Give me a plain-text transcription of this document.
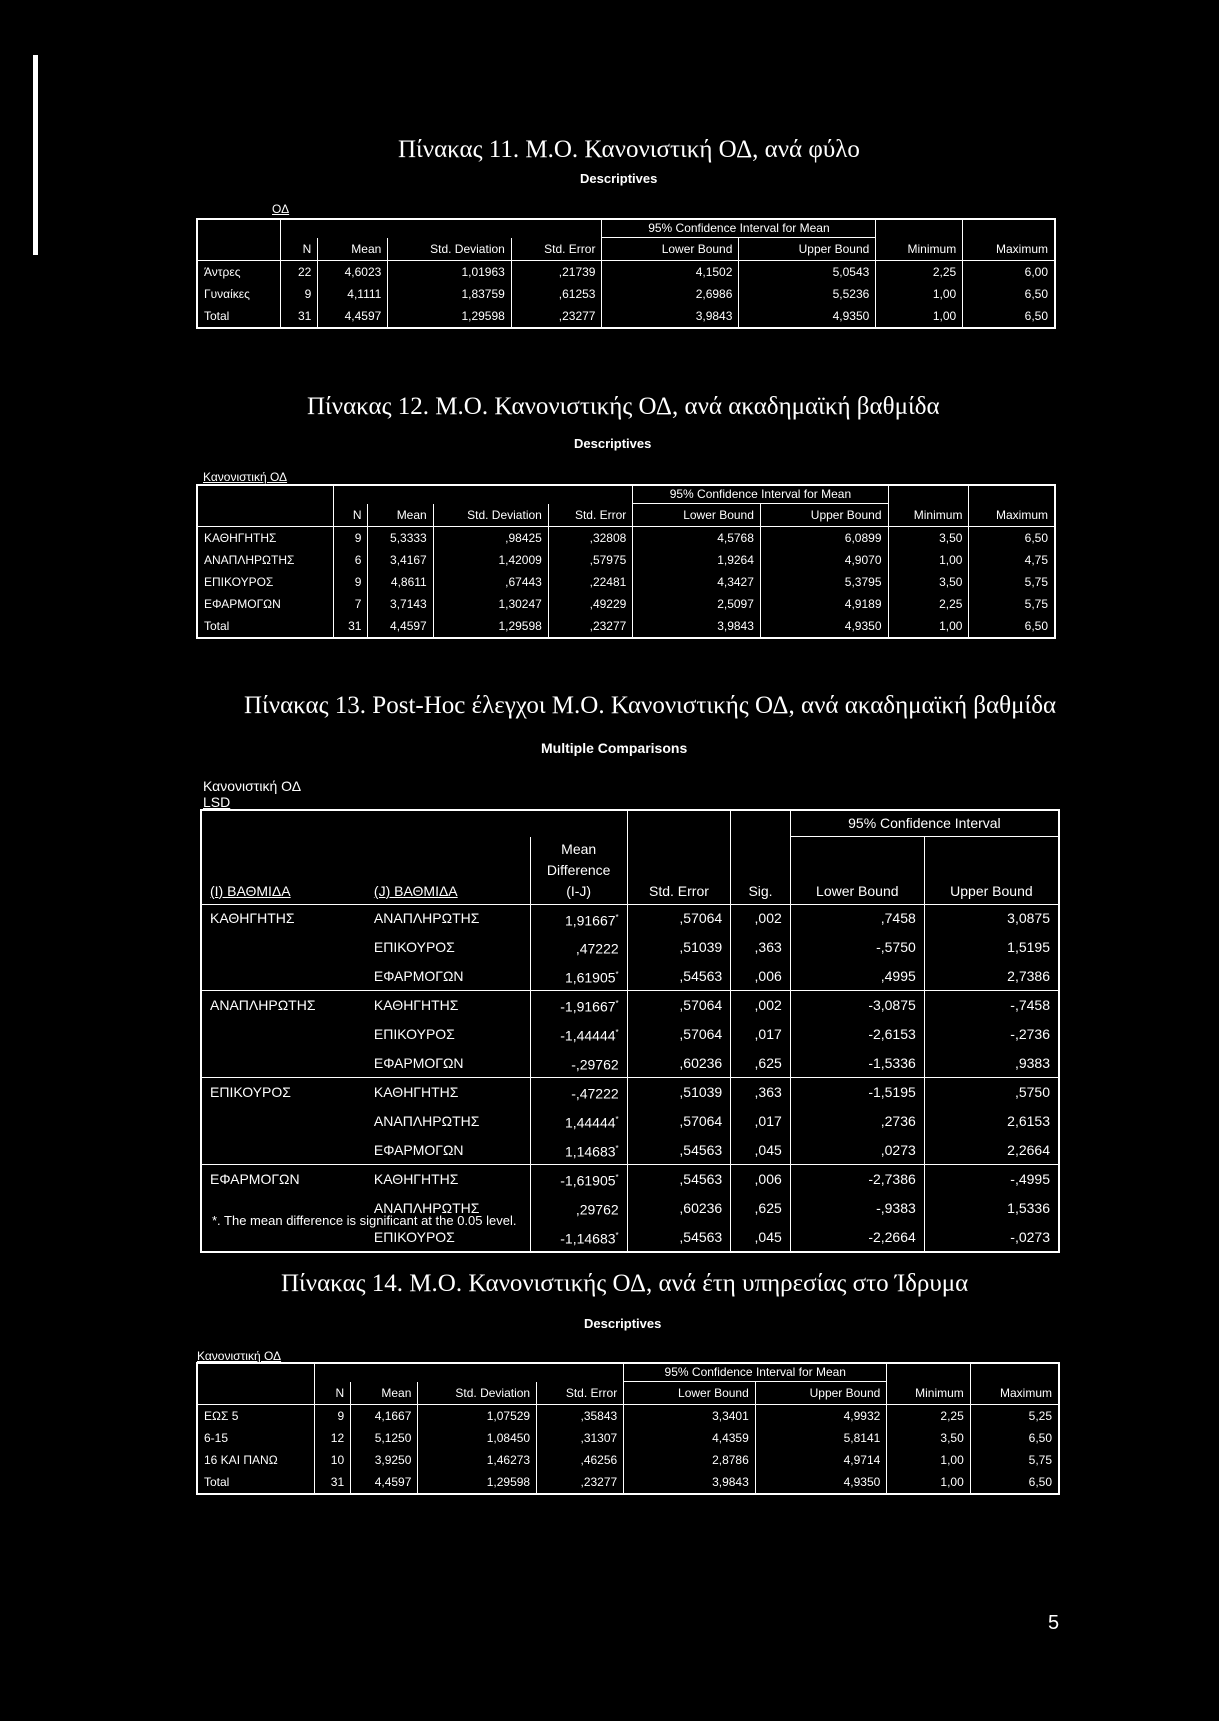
Πίνακας 11. Μ.Ο. Κανονιστική ΟΔ, ανά φύλο
Descriptives
ΟΔ
					95% Confidence Interval for Mean			
	N	Mean	Std. Deviation	Std. Error	Lower Bound	Upper Bound	Minimum	Maximum
Άντρες	22	4,6023	1,01963	,21739	4,1502	5,0543	2,25	6,00
Γυναίκες	9	4,1111	1,83759	,61253	2,6986	5,5236	1,00	6,50
Total	31	4,4597	1,29598	,23277	3,9843	4,9350	1,00	6,50
Πίνακας 12. Μ.Ο. Κανονιστικής ΟΔ, ανά ακαδημαϊκή βαθμίδα
Descriptives
Κανονιστική ΟΔ
					95% Confidence Interval for Mean			
	N	Mean	Std. Deviation	Std. Error	Lower Bound	Upper Bound	Minimum	Maximum
ΚΑΘΗΓΗΤΗΣ	9	5,3333	,98425	,32808	4,5768	6,0899	3,50	6,50
ΑΝΑΠΛΗΡΩΤΗΣ	6	3,4167	1,42009	,57975	1,9264	4,9070	1,00	4,75
ΕΠΙΚΟΥΡΟΣ	9	4,8611	,67443	,22481	4,3427	5,3795	3,50	5,75
ΕΦΑΡΜΟΓΩΝ	7	3,7143	1,30247	,49229	2,5097	4,9189	2,25	5,75
Total	31	4,4597	1,29598	,23277	3,9843	4,9350	1,00	6,50
Πίνακας 13. Post-Hoc έλεγχοι Μ.Ο. Κανονιστικής ΟΔ, ανά ακαδημαϊκή βαθμίδα
Multiple Comparisons
Κανονιστική ΟΔ
LSD
					95% Confidence Interval	
(I) ΒΑΘΜΙΔΑ	(J) ΒΑΘΜΙΔΑ	Mean Difference (I-J)	Std. Error	Sig.	Lower Bound	Upper Bound
ΚΑΘΗΓΗΤΗΣ	ΑΝΑΠΛΗΡΩΤΗΣ	1,91667*	,57064	,002	,7458	3,0875
	ΕΠΙΚΟΥΡΟΣ	,47222	,51039	,363	-,5750	1,5195
	ΕΦΑΡΜΟΓΩΝ	1,61905*	,54563	,006	,4995	2,7386
ΑΝΑΠΛΗΡΩΤΗΣ	ΚΑΘΗΓΗΤΗΣ	-1,91667*	,57064	,002	-3,0875	-,7458
	ΕΠΙΚΟΥΡΟΣ	-1,44444*	,57064	,017	-2,6153	-,2736
	ΕΦΑΡΜΟΓΩΝ	-,29762	,60236	,625	-1,5336	,9383
ΕΠΙΚΟΥΡΟΣ	ΚΑΘΗΓΗΤΗΣ	-,47222	,51039	,363	-1,5195	,5750
	ΑΝΑΠΛΗΡΩΤΗΣ	1,44444*	,57064	,017	,2736	2,6153
	ΕΦΑΡΜΟΓΩΝ	1,14683*	,54563	,045	,0273	2,2664
ΕΦΑΡΜΟΓΩΝ	ΚΑΘΗΓΗΤΗΣ	-1,61905*	,54563	,006	-2,7386	-,4995
	ΑΝΑΠΛΗΡΩΤΗΣ	,29762	,60236	,625	-,9383	1,5336
	ΕΠΙΚΟΥΡΟΣ	-1,14683*	,54563	,045	-2,2664	-,0273
*. The mean difference is significant at the 0.05 level.
Πίνακας 14. Μ.Ο. Κανονιστικής ΟΔ, ανά έτη υπηρεσίας στο Ίδρυμα
Descriptives
Κανονιστική ΟΔ
					95% Confidence Interval for Mean			
	N	Mean	Std. Deviation	Std. Error	Lower Bound	Upper Bound	Minimum	Maximum
ΕΩΣ 5	9	4,1667	1,07529	,35843	3,3401	4,9932	2,25	5,25
6-15	12	5,1250	1,08450	,31307	4,4359	5,8141	3,50	6,50
16 ΚΑΙ ΠΑΝΩ	10	3,9250	1,46273	,46256	2,8786	4,9714	1,00	5,75
Total	31	4,4597	1,29598	,23277	3,9843	4,9350	1,00	6,50
5
